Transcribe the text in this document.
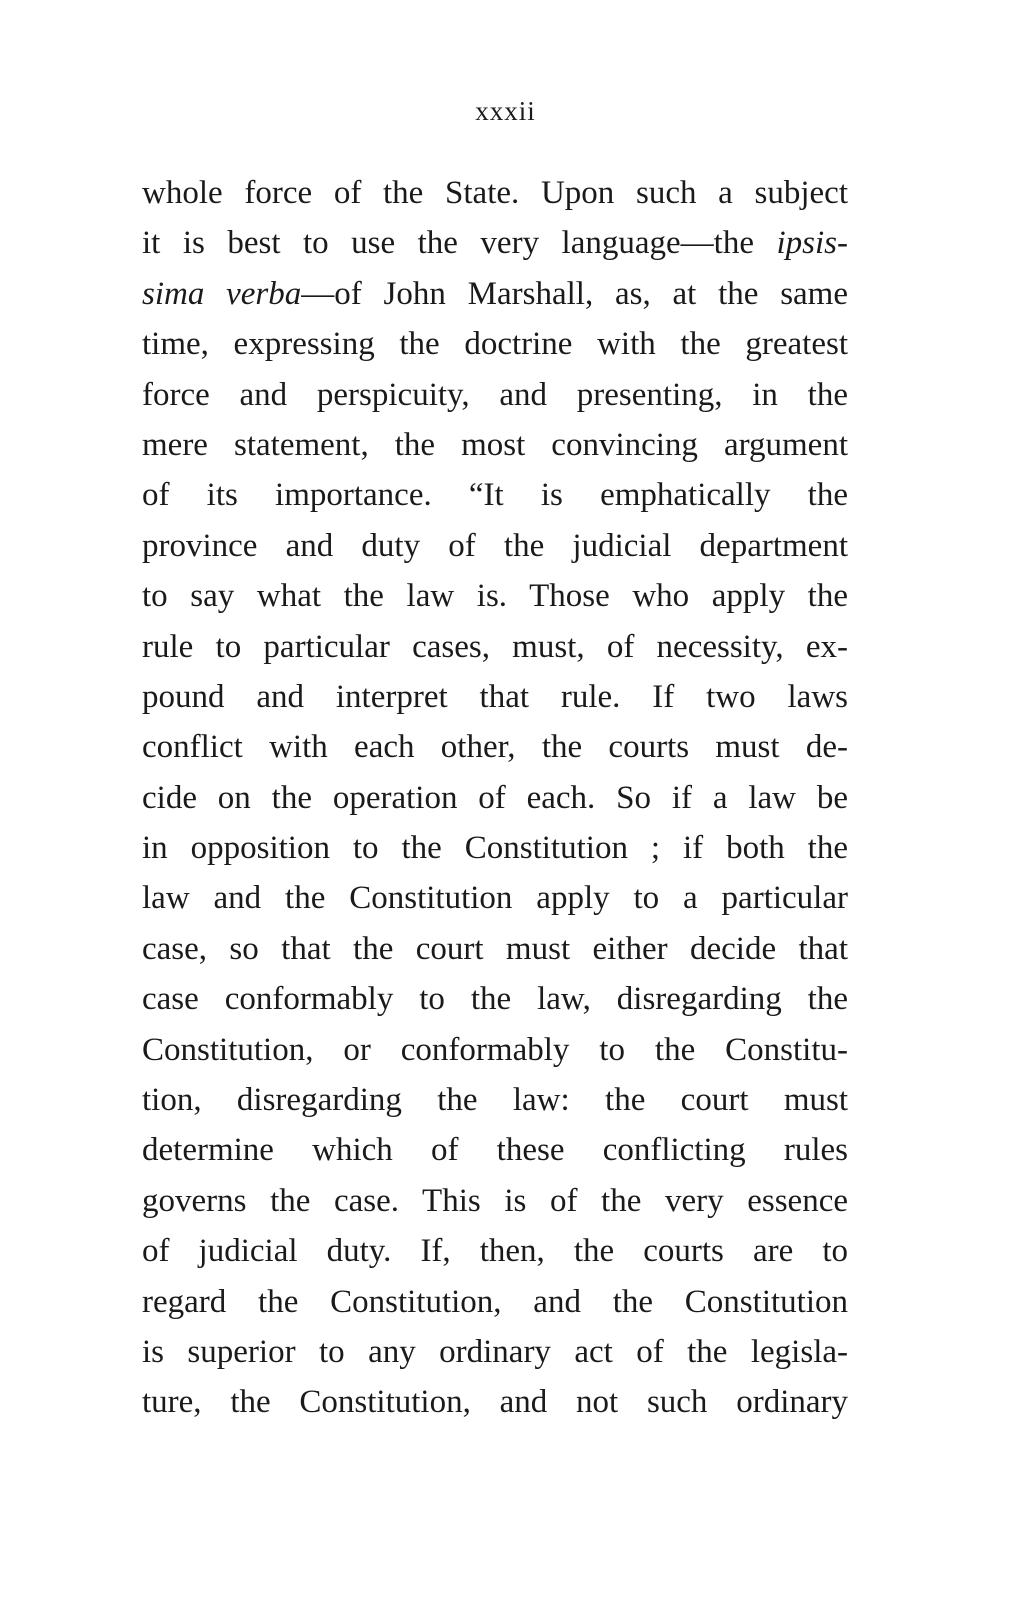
xxxii
whole force of the State. Upon such a subject
it is best to use the very language—the ipsis-
sima verba—of John Marshall, as, at the same
time, expressing the doctrine with the greatest
force and perspicuity, and presenting, in the
mere statement, the most convincing argument
of its importance. “It is emphatically the
province and duty of the judicial department
to say what the law is. Those who apply the
rule to particular cases, must, of necessity, ex-
pound and interpret that rule. If two laws
conflict with each other, the courts must de-
cide on the operation of each. So if a law be
in opposition to the Constitution ; if both the
law and the Constitution apply to a particular
case, so that the court must either decide that
case conformably to the law, disregarding the
Constitution, or conformably to the Constitu-
tion, disregarding the law: the court must
determine which of these conflicting rules
governs the case. This is of the very essence
of judicial duty. If, then, the courts are to
regard the Constitution, and the Constitution
is superior to any ordinary act of the legisla-
ture, the Constitution, and not such ordinary
